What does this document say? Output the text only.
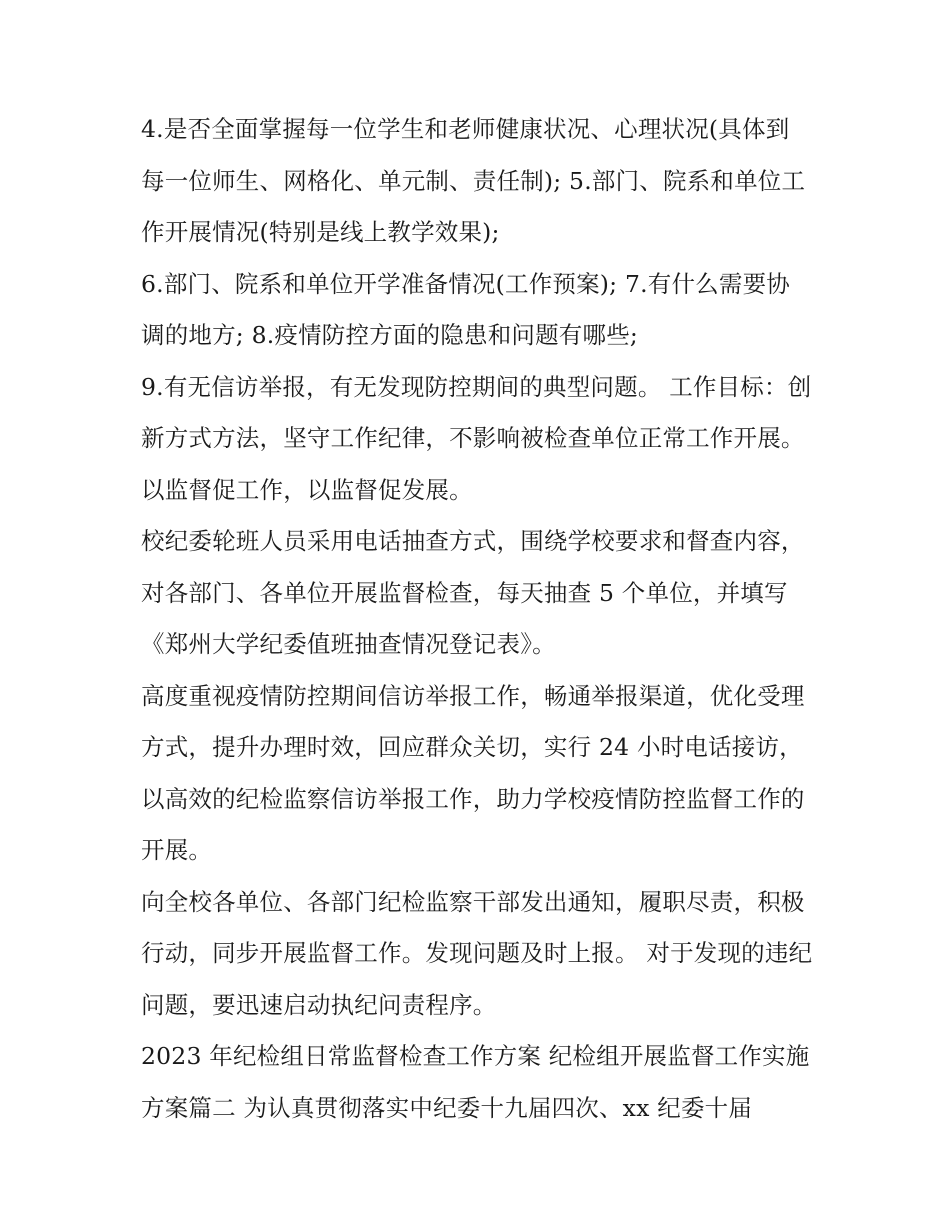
4.是否全面掌握每一位学生和老师健康状况、心理状况(具体到每一位师生、网格化、单元制、责任制); 5.部门、院系和单位工作开展情况(特别是线上教学效果);

6.部门、院系和单位开学准备情况(工作预案); 7.有什么需要协调的地方; 8.疫情防控方面的隐患和问题有哪些;

9.有无信访举报，有无发现防控期间的典型问题。 工作目标：创新方式方法，坚守工作纪律，不影响被检查单位正常工作开展。以监督促工作，以监督促发展。

校纪委轮班人员采用电话抽查方式，围绕学校要求和督查内容，对各部门、各单位开展监督检查，每天抽查 5 个单位，并填写《郑州大学纪委值班抽查情况登记表》。

高度重视疫情防控期间信访举报工作，畅通举报渠道，优化受理方式，提升办理时效，回应群众关切，实行 24 小时电话接访，以高效的纪检监察信访举报工作，助力学校疫情防控监督工作的开展。

向全校各单位、各部门纪检监察干部发出通知，履职尽责，积极行动，同步开展监督工作。发现问题及时上报。 对于发现的违纪问题，要迅速启动执纪问责程序。

2023 年纪检组日常监督检查工作方案 纪检组开展监督工作实施方案篇二 为认真贯彻落实中纪委十九届四次、xx 纪委十届
